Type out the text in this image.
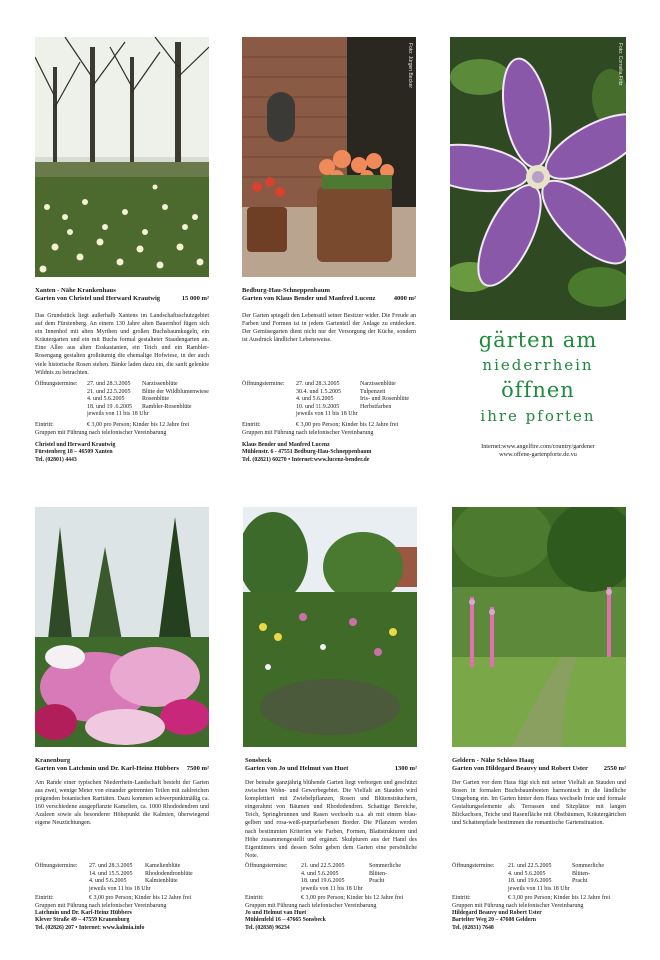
Foto: Jürgen Becker	Foto: Cornelia Fritz
gärten am
niederrhein
öffnen
ihre pforten
Internet:www.angelfire.com/country/gardener
www.offene-gartenpforte.de.vu
Xanten - Nähe Krankenhaus
Garten von Christel und Herward Krautwig	15 000 m²
Das Grundstück liegt außerhalb Xantens im Landschaftsschutzgebiet auf dem Fürstenberg. An einem 130 Jahre alten Bauernhof fügen sich ein Innenhof mit alten Myrthen und großen Buchsbaumkugeln, ein Kräutergarten und ein mit Buchs formal gestalteter Staudengarten an. Eine Allee aus alten Esskastanien, ein Teich und ein Rambler-Rosengang gestalten großräumig die ehemalige Hofwiese, in der auch viele historische Rosen stehen. Bänke laden dazu ein, die sanft gelenkte Wildnis zu betrachten.
Öffnungstermine: 27. und 28.3.2005 Narzissenblüte
21. und 22.5.2005 Blüte der Wildblumenwiese
4. und 5.6.2005	Rosenblüte
18. und 19 .6.2005 Rambler-Rosenblüte
jeweils von 11 bis 18 Uhr
Eintritt:	€ 3,00 pro Person; Kinder bis 12 Jahre frei
Gruppen mit Führung nach telefonischer Vereinbarung
Christel und Herward Krautwig
Fürstenberg 18 – 46509 Xanten
Tel. (02801) 4443
Bedburg-Hau-Schneppenbaum
Garten von Klaus Bender und Manfred Lucenz	4000 m²
Der Garten spiegelt den Lebensstil seiner Besitzer wider. Die Freude an Farben und Formen ist in jedem Gartenteil der Anlage zu entdecken. Der Gemüsegarten dient nicht nur der Versorgung der Küche, sondern ist Ausdruck ländlicher Lebensweise.
Öffnungstermine: 27. und 28.3.2005	Narzissenblüte
30.4. und 1.5.2005	Tulpenzeit
4. und 5.6.2005	Iris- und Rosenblüte
10. und 11.9.2005	Herbstfarben
jeweils von 11 bis 18 Uhr
Eintritt:	€ 3,00 pro Person; Kinder bis 12 Jahre frei
Gruppen mit Führung nach telefonischer Vereinbarung
Klaus Bender und Manfred Lucenz
Mühlenstr. 6 - 47551 Bedburg-Hau-Schneppenbaum
Tel. (02821) 60270 • Internet:www.lucenz-bender.de
Kranenburg
Garten von Latchmin und Dr. Karl-Heinz Hübbers	7500 m²
Am Rande einer typischen Niederrhein-Landschaft besteht der Garten aus zwei, wenige Meter von einander getrennten Teilen mit zahlreichen prägenden botanischen Raritäten. Dazu kommen schwerpunktmäßig ca. 160 verschiedene ausgepflanzte Kamelien, ca. 1000 Rhododendren und Azaleen sowie als besonderer Höhepunkt die Kalmien, überwiegend eigene Neuzüchtungen.
Öffnungstermine: 27. und 28.3.2005 Kamelienblüte
14. und 15.5.2005 Rhododendronblüte
4. und 5.6.2005	Kalmienblüte
jeweils von 11 bis 18 Uhr
Eintritt:	€ 3,00 pro Person; Kinder bis 12 Jahre frei
Gruppen mit Führung nach telefonischer Vereinbarung
Latchmin und Dr. Karl-Heinz Hübbers
Klever Straße 49 – 47559 Kranenburg
Tel. (02826) 207 • Internet: www.kalmia.info
Sonsbeck
Garten von Jo und Helmut van Huet	1300 m²
Der beinahe ganzjährig blühende Garten liegt verborgen und geschützt zwischen Wohn- und Gewerbegebiet. Die Vielfalt an Stauden wird komplettiert mit Zwiebelpflanzen, Rosen und Blütensträuchern, eingerahmt von Bäumen und Rhododendren. Schattige Bereiche, Teich, Springbrunnen und Rasen wechseln u.a. ab mit einem blau-gelben und rosa-weiß-purpurfarbenen Border. Die Pflanzen werden nach bestimmten Kriterien wie Farben, Formen, Blattstrukturen und Höhe zusammengestellt und ergänzt. Skulpturen aus der Hand des Eigentümers und dessen Sohn geben dem Garten eine persönliche Note.
Öffnungstermine: 21. und 22.5.2005	Sommerliche
4. und 5.6.2005	Blüten-
18. und 19.6.2005	Pracht
jeweils von 11 bis 18 Uhr
Eintritt:	€ 3,00 pro Person; Kinder bis 12 Jahre frei
Gruppen mit Führung nach telefonischer Vereinbarung
Jo und Helmut van Huet
Mühlenfeld 16 – 47665 Sonsbeck
Tel. (02838) 96234
Geldern - Nähe Schloss Haag
Garten von Hildegard Beauvy und Robert Uster	2550 m²
Der Garten vor dem Haus fügt sich mit seiner Vielfalt an Stauden und Rosen in formalen Buchsbaumbeeten harmonisch in die ländliche Umgebung ein. Im Garten hinter dem Haus wechseln freie und formale Gestaltungselemente ab. Terrassen und Sitzplätze mit langen Blickachsen, Teiche und Rasenfläche mit Obstbäumen, Kräutergärtchen und Schattenpfade bestimmen die romantische Gartensituation.
Öffnungstermine: 21. und 22.5.2005	Sommerliche
4. und 5.6.2005	Blüten-
18. und 19.6.2005	Pracht
jeweils von 11 bis 18 Uhr
Eintritt:	€ 3,00 pro Person; Kinder bis 12 Jahre frei
Gruppen mit Führung nach telefonischer Vereinbarung
Hildegard Beauvy und Robert Uster
Bartelter Weg 20 – 47608 Geldern
Tel. (02831) 7648
